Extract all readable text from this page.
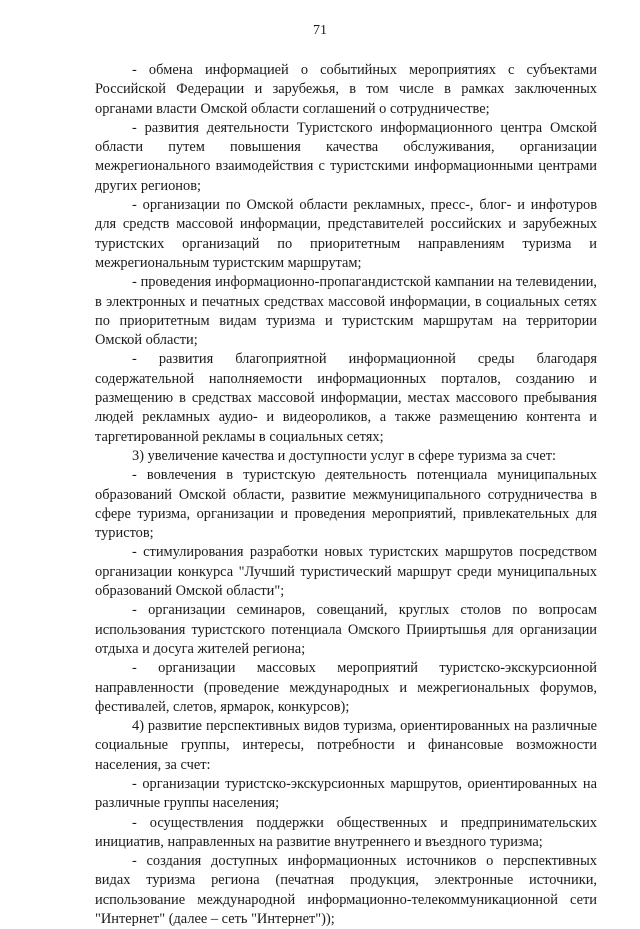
71

- обмена информацией о событийных мероприятиях с субъектами Российской Федерации и зарубежья, в том числе в рамках заключенных органами власти Омской области соглашений о сотрудничестве;

- развития деятельности Туристского информационного центра Омской области путем повышения качества обслуживания, организации межрегионального взаимодействия с туристскими информационными центрами других регионов;

- организации по Омской области рекламных, пресс-, блог- и инфотуров для средств массовой информации, представителей российских и зарубежных туристских организаций по приоритетным направлениям туризма и межрегиональным туристским маршрутам;

- проведения информационно-пропагандистской кампании на телевидении, в электронных и печатных средствах массовой информации, в социальных сетях по приоритетным видам туризма и туристским маршрутам на территории Омской области;

- развития благоприятной информационной среды благодаря содержательной наполняемости информационных порталов, созданию и размещению в средствах массовой информации, местах массового пребывания людей рекламных аудио- и видеороликов, а также размещению контента и таргетированной рекламы в социальных сетях;

3) увеличение качества и доступности услуг в сфере туризма за счет:

- вовлечения в туристскую деятельность потенциала муниципальных образований Омской области, развитие межмуниципального сотрудничества в сфере туризма, организации и проведения мероприятий, привлекательных для туристов;

- стимулирования разработки новых туристских маршрутов посредством организации конкурса "Лучший туристический маршрут среди муниципальных образований Омской области";

- организации семинаров, совещаний, круглых столов по вопросам использования туристского потенциала Омского Прииртышья для организации отдыха и досуга жителей региона;

- организации массовых мероприятий туристско-экскурсионной направленности (проведение международных и межрегиональных форумов, фестивалей, слетов, ярмарок, конкурсов);

4) развитие перспективных видов туризма, ориентированных на различные социальные группы, интересы, потребности и финансовые возможности населения, за счет:

- организации туристско-экскурсионных маршрутов, ориентированных на различные группы населения;

- осуществления поддержки общественных и предпринимательских инициатив, направленных на развитие внутреннего и въездного туризма;

- создания доступных информационных источников о перспективных видах туризма региона (печатная продукция, электронные источники, использование международной информационно-телекоммуникационной сети "Интернет" (далее – сеть "Интернет"));
